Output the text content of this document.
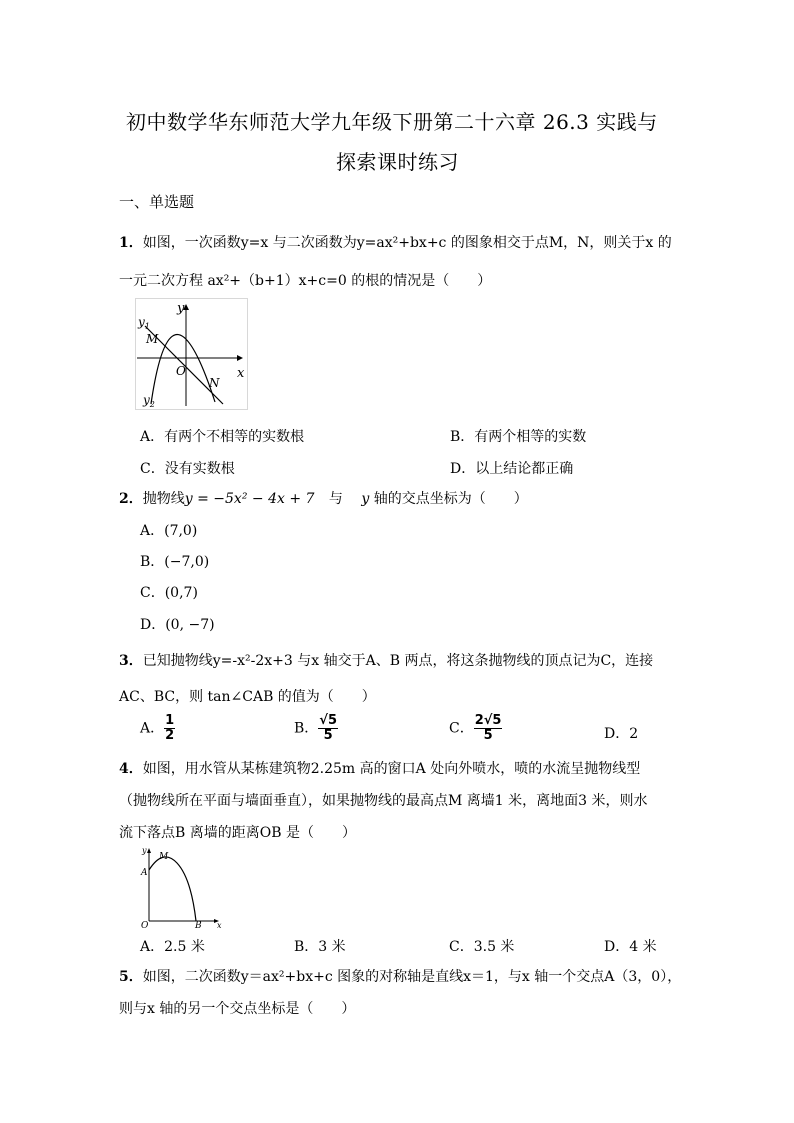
初中数学华东师范大学九年级下册第二十六章 26.3 实践与
探索课时练习
一、单选题
1．如图，一次函数y=x 与二次函数为y=ax²+bx+c 的图象相交于点M，N，则关于x 的
一元二次方程 ax²+（b+1）x+c=0 的根的情况是（　　）
y
x
O
$y_1$
$y_2$
M
N
A．有两个不相等的实数根	B．有两个相等的实数
C．没有实数根	D．以上结论都正确
2．抛物线y = −5x² − 4x + 7 与 y 轴的交点坐标为（　　）
A．(7,0)
B．(−7,0)
C．(0,7)
D．(0, −7)
3．已知抛物线y=-x²-2x+3 与x 轴交于A、B 两点，将这条抛物线的顶点记为C，连接
AC、BC，则 tan∠CAB 的值为（　　）
A． $\frac{1}{2}$	B． $\frac{√5}{5}$	C． $\frac{2√5}{5}$	D．2
4．如图，用水管从某栋建筑物2.25m 高的窗口A 处向外喷水，喷的水流呈抛物线型
（抛物线所在平面与墙面垂直），如果抛物线的最高点M 离墙1 米，离地面3 米，则水
流下落点B 离墙的距离OB 是（　　）
y
x
O
A
M
B
A．2.5 米	B．3 米	C．3.5 米	D．4 米
5．如图，二次函数y＝ax²+bx+c 图象的对称轴是直线x＝1，与x 轴一个交点A（3，0），
则与x 轴的另一个交点坐标是（　　）
